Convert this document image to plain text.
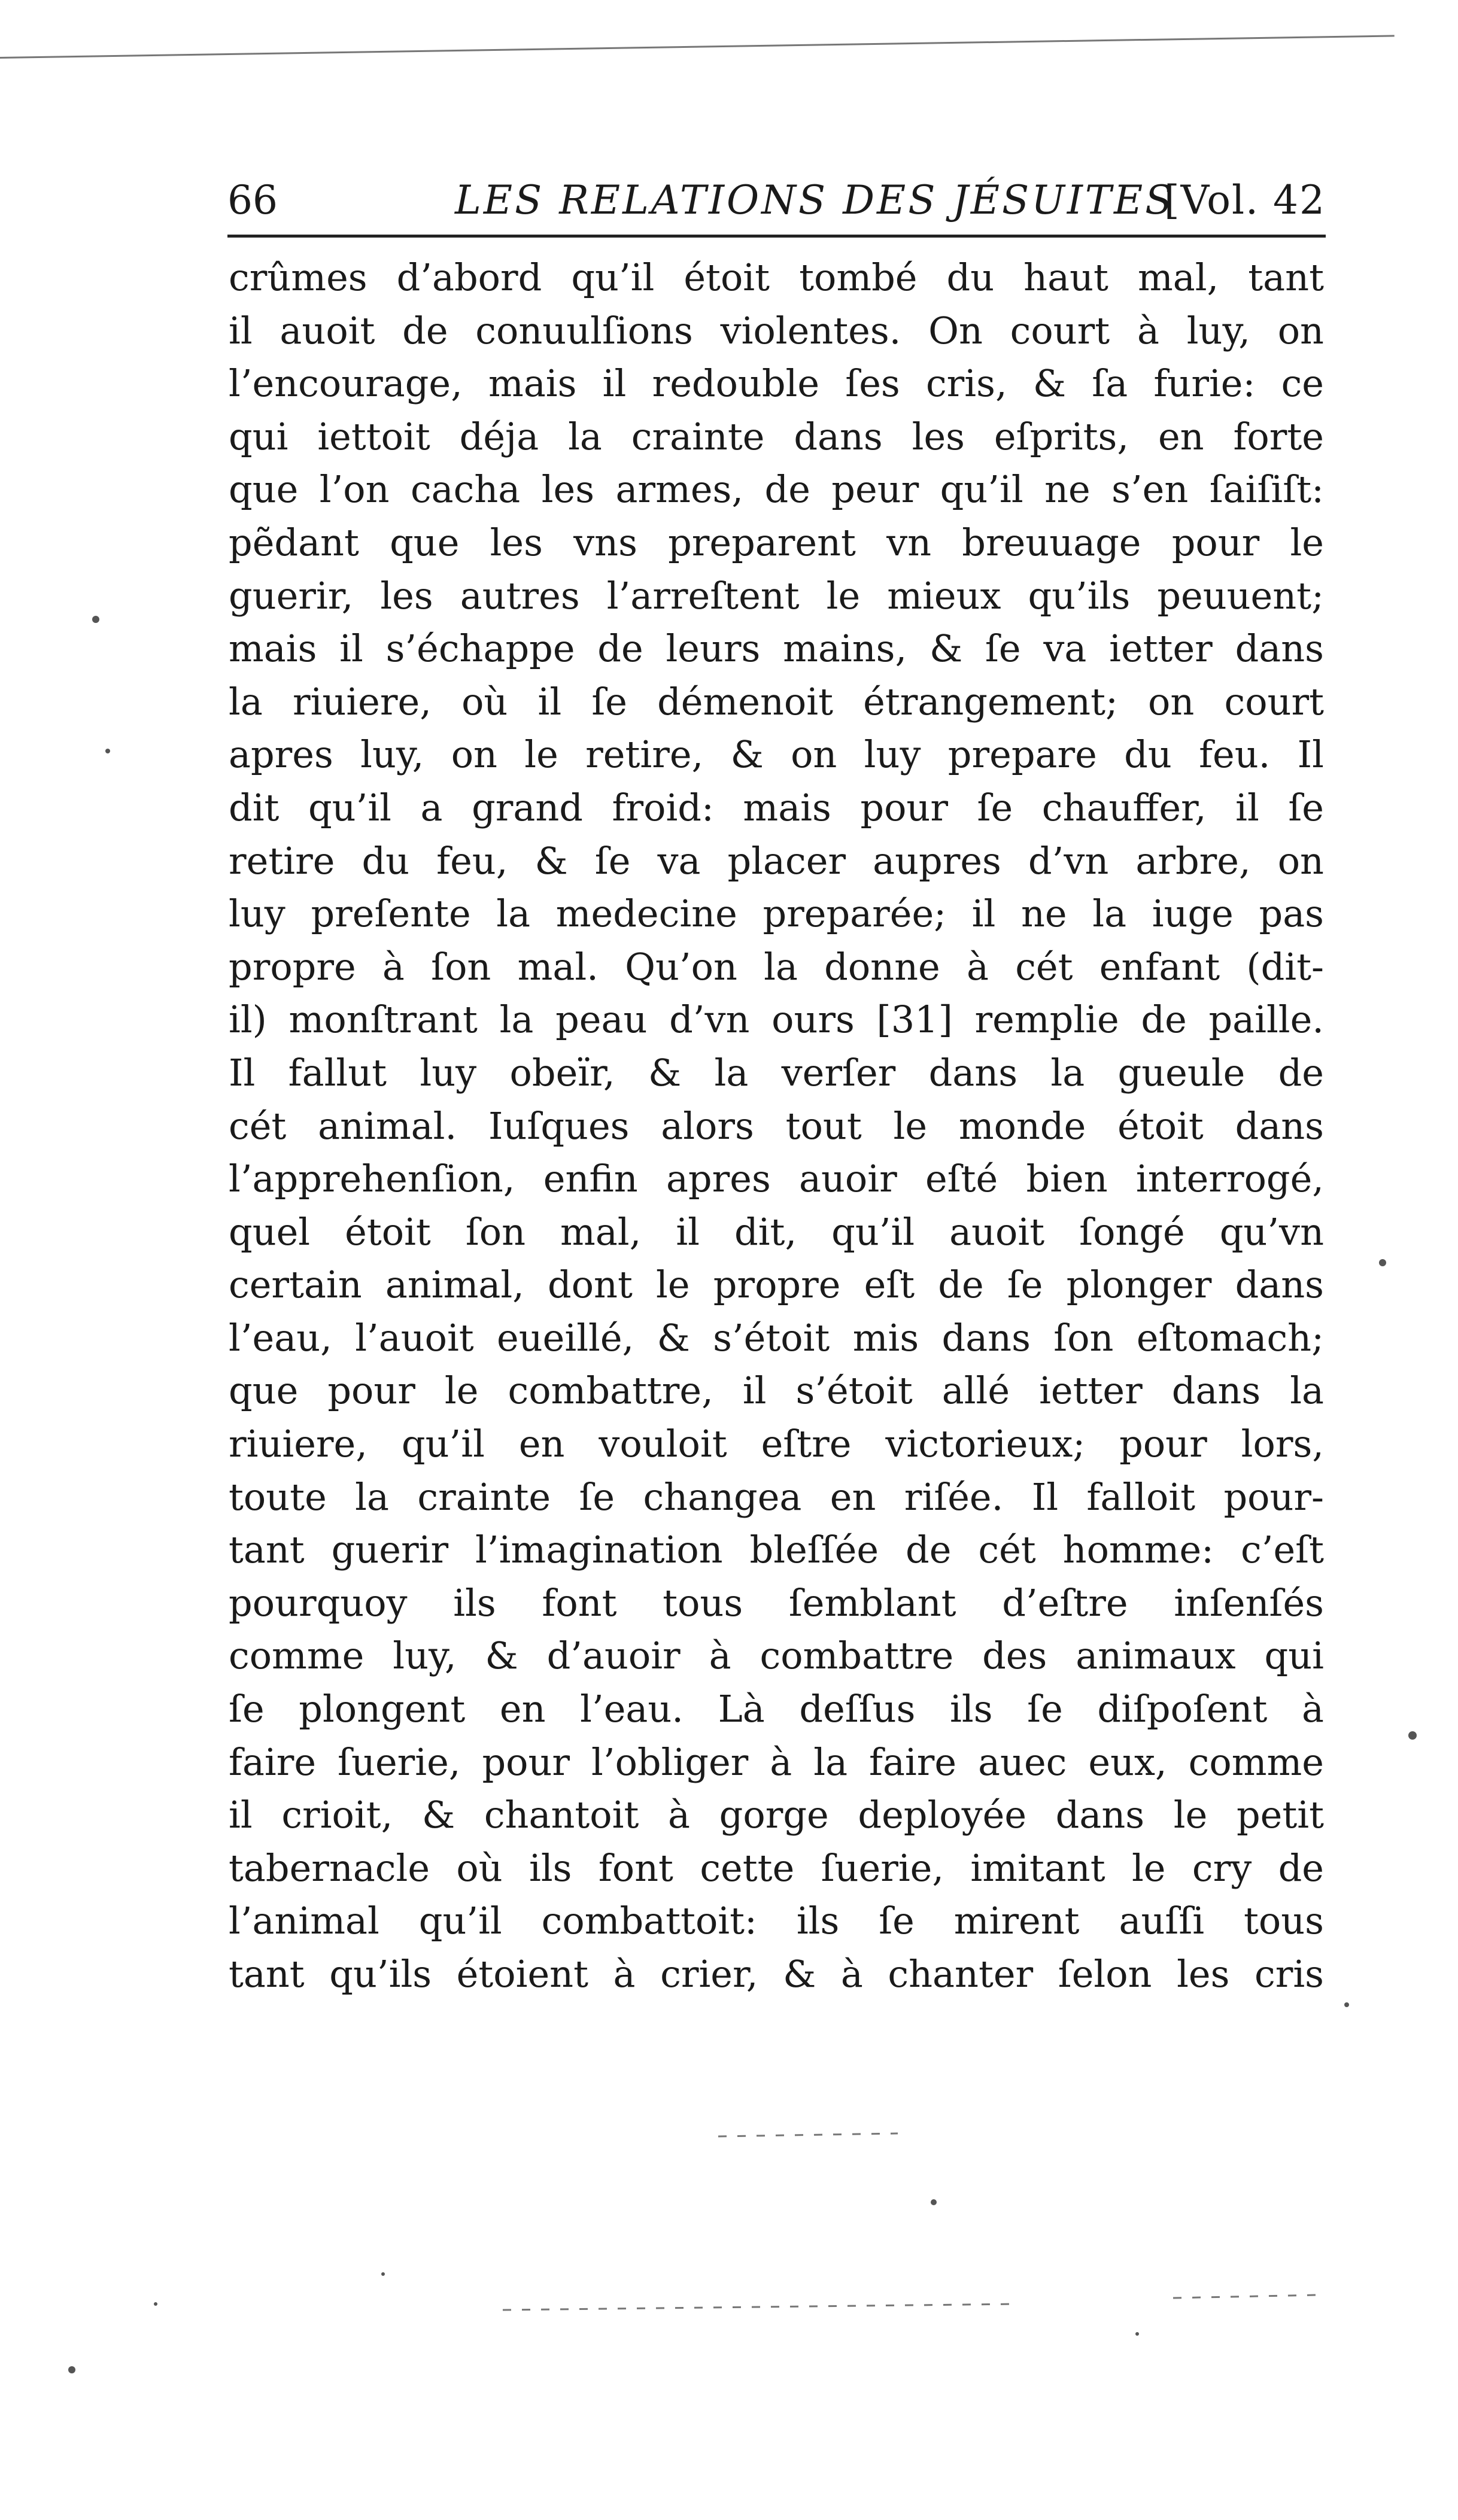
66	LES RELATIONS DES JÉSUITES
[Vol. 42
crûmes d’abord qu’il étoit tombé du haut mal, tant
il auoit de conuulſions violentes. On court à luy, on
l’encourage, mais il redouble ſes cris, & ſa furie: ce
qui iettoit déja la crainte dans les eſprits, en forte
que l’on cacha les armes, de peur qu’il ne s’en ſaiſiſt:
pẽdant que les vns preparent vn breuuage pour le
guerir, les autres l’arreſtent le mieux qu’ils peuuent;
mais il s’échappe de leurs mains, & ſe va ietter dans
la riuiere, où il ſe démenoit étrangement; on court
apres luy, on le retire, & on luy prepare du feu. Il
dit qu’il a grand froid: mais pour ſe chauffer, il ſe
retire du feu, & ſe va placer aupres d’vn arbre, on
luy preſente la medecine preparée; il ne la iuge pas
propre à ſon mal. Qu’on la donne à cét enfant (dit-
il) monſtrant la peau d’vn ours [31] remplie de paille.
Il fallut luy obeïr, & la verſer dans la gueule de
cét animal. Iuſques alors tout le monde étoit dans
l’apprehenſion, enfin apres auoir eſté bien interrogé,
quel étoit ſon mal, il dit, qu’il auoit ſongé qu’vn
certain animal, dont le propre eſt de ſe plonger dans
l’eau, l’auoit eueillé, & s’étoit mis dans ſon eſtomach;
que pour le combattre, il s’étoit allé ietter dans la
riuiere, qu’il en vouloit eſtre victorieux; pour lors,
toute la crainte ſe changea en riſée. Il falloit pour-
tant guerir l’imagination bleſſée de cét homme: c’eſt
pourquoy ils font tous ſemblant d’eſtre inſenſés
comme luy, & d’auoir à combattre des animaux qui
ſe plongent en l’eau. Là deſſus ils ſe diſpoſent à
faire ſuerie, pour l’obliger à la faire auec eux, comme
il crioit, & chantoit à gorge deployée dans le petit
tabernacle où ils font cette ſuerie, imitant le cry de
l’animal qu’il combattoit: ils ſe mirent auſſi tous
tant qu’ils étoient à crier, & à chanter ſelon les cris
